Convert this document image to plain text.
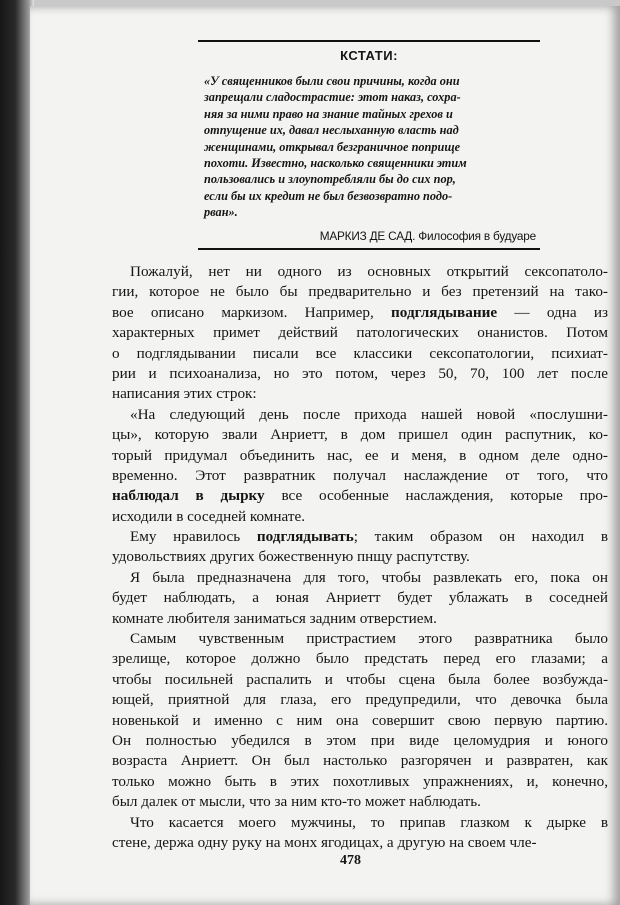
КСТАТИ:
«У священников были свои причины, когда они
запрещали сладострастие: этот наказ, сохра-
няя за ними право на знание тайных грехов и
отпущение их, давал неслыханную власть над
женщинами, открывал безграничное поприще
похоти. Известно, насколько священники этим
пользовались и злоупотребляли бы до сих пор,
если бы их кредит не был безвозвратно подо-
рван».
МАРКИЗ ДЕ САД. Философия в будуаре
Пожалуй, нет ни одного из основных открытий сексопатоло-
гии, которое не было бы предварительно и без претензий на тако-
вое описано маркизом. Например, подглядывание — одна из
характерных примет действий патологических онанистов. Потом
о подглядывании писали все классики сексопатологии, психиат-
рии и психоанализа, но это потом, через 50, 70, 100 лет после
написания этих строк:
«На следующий день после прихода нашей новой «послушни-
цы», которую звали Анриетт, в дом пришел один распутник, ко-
торый придумал объединить нас, ее и меня, в одном деле одно-
временно. Этот развратник получал наслаждение от того, что
наблюдал в дырку все особенные наслаждения, которые про-
исходили в соседней комнате.
Ему нравилось подглядывать; таким образом он находил в
удовольствиях других божественную пнщу распутству.
Я была предназначена для того, чтобы развлекать его, пока он
будет наблюдать, а юная Анриетт будет ублажать в соседней
комнате любителя заниматься задним отверстием.
Самым чувственным пристрастием этого развратника было
зрелище, которое должно было предстать перед его глазами; а
чтобы посильней распалить и чтобы сцена была более возбужда-
ющей, приятной для глаза, его предупредили, что девочка была
новенькой и именно с ним она совершит свою первую партию.
Он полностью убедился в этом при виде целомудрия и юного
возраста Анриетт. Он был настолько разгорячен и развратен, как
только можно быть в этих похотливых упражнениях, и, конечно,
был далек от мысли, что за ним кто-то может наблюдать.
Что касается моего мужчины, то припав глазком к дырке в
стене, держа одну руку на монх ягодицах, а другую на своем чле-
478
